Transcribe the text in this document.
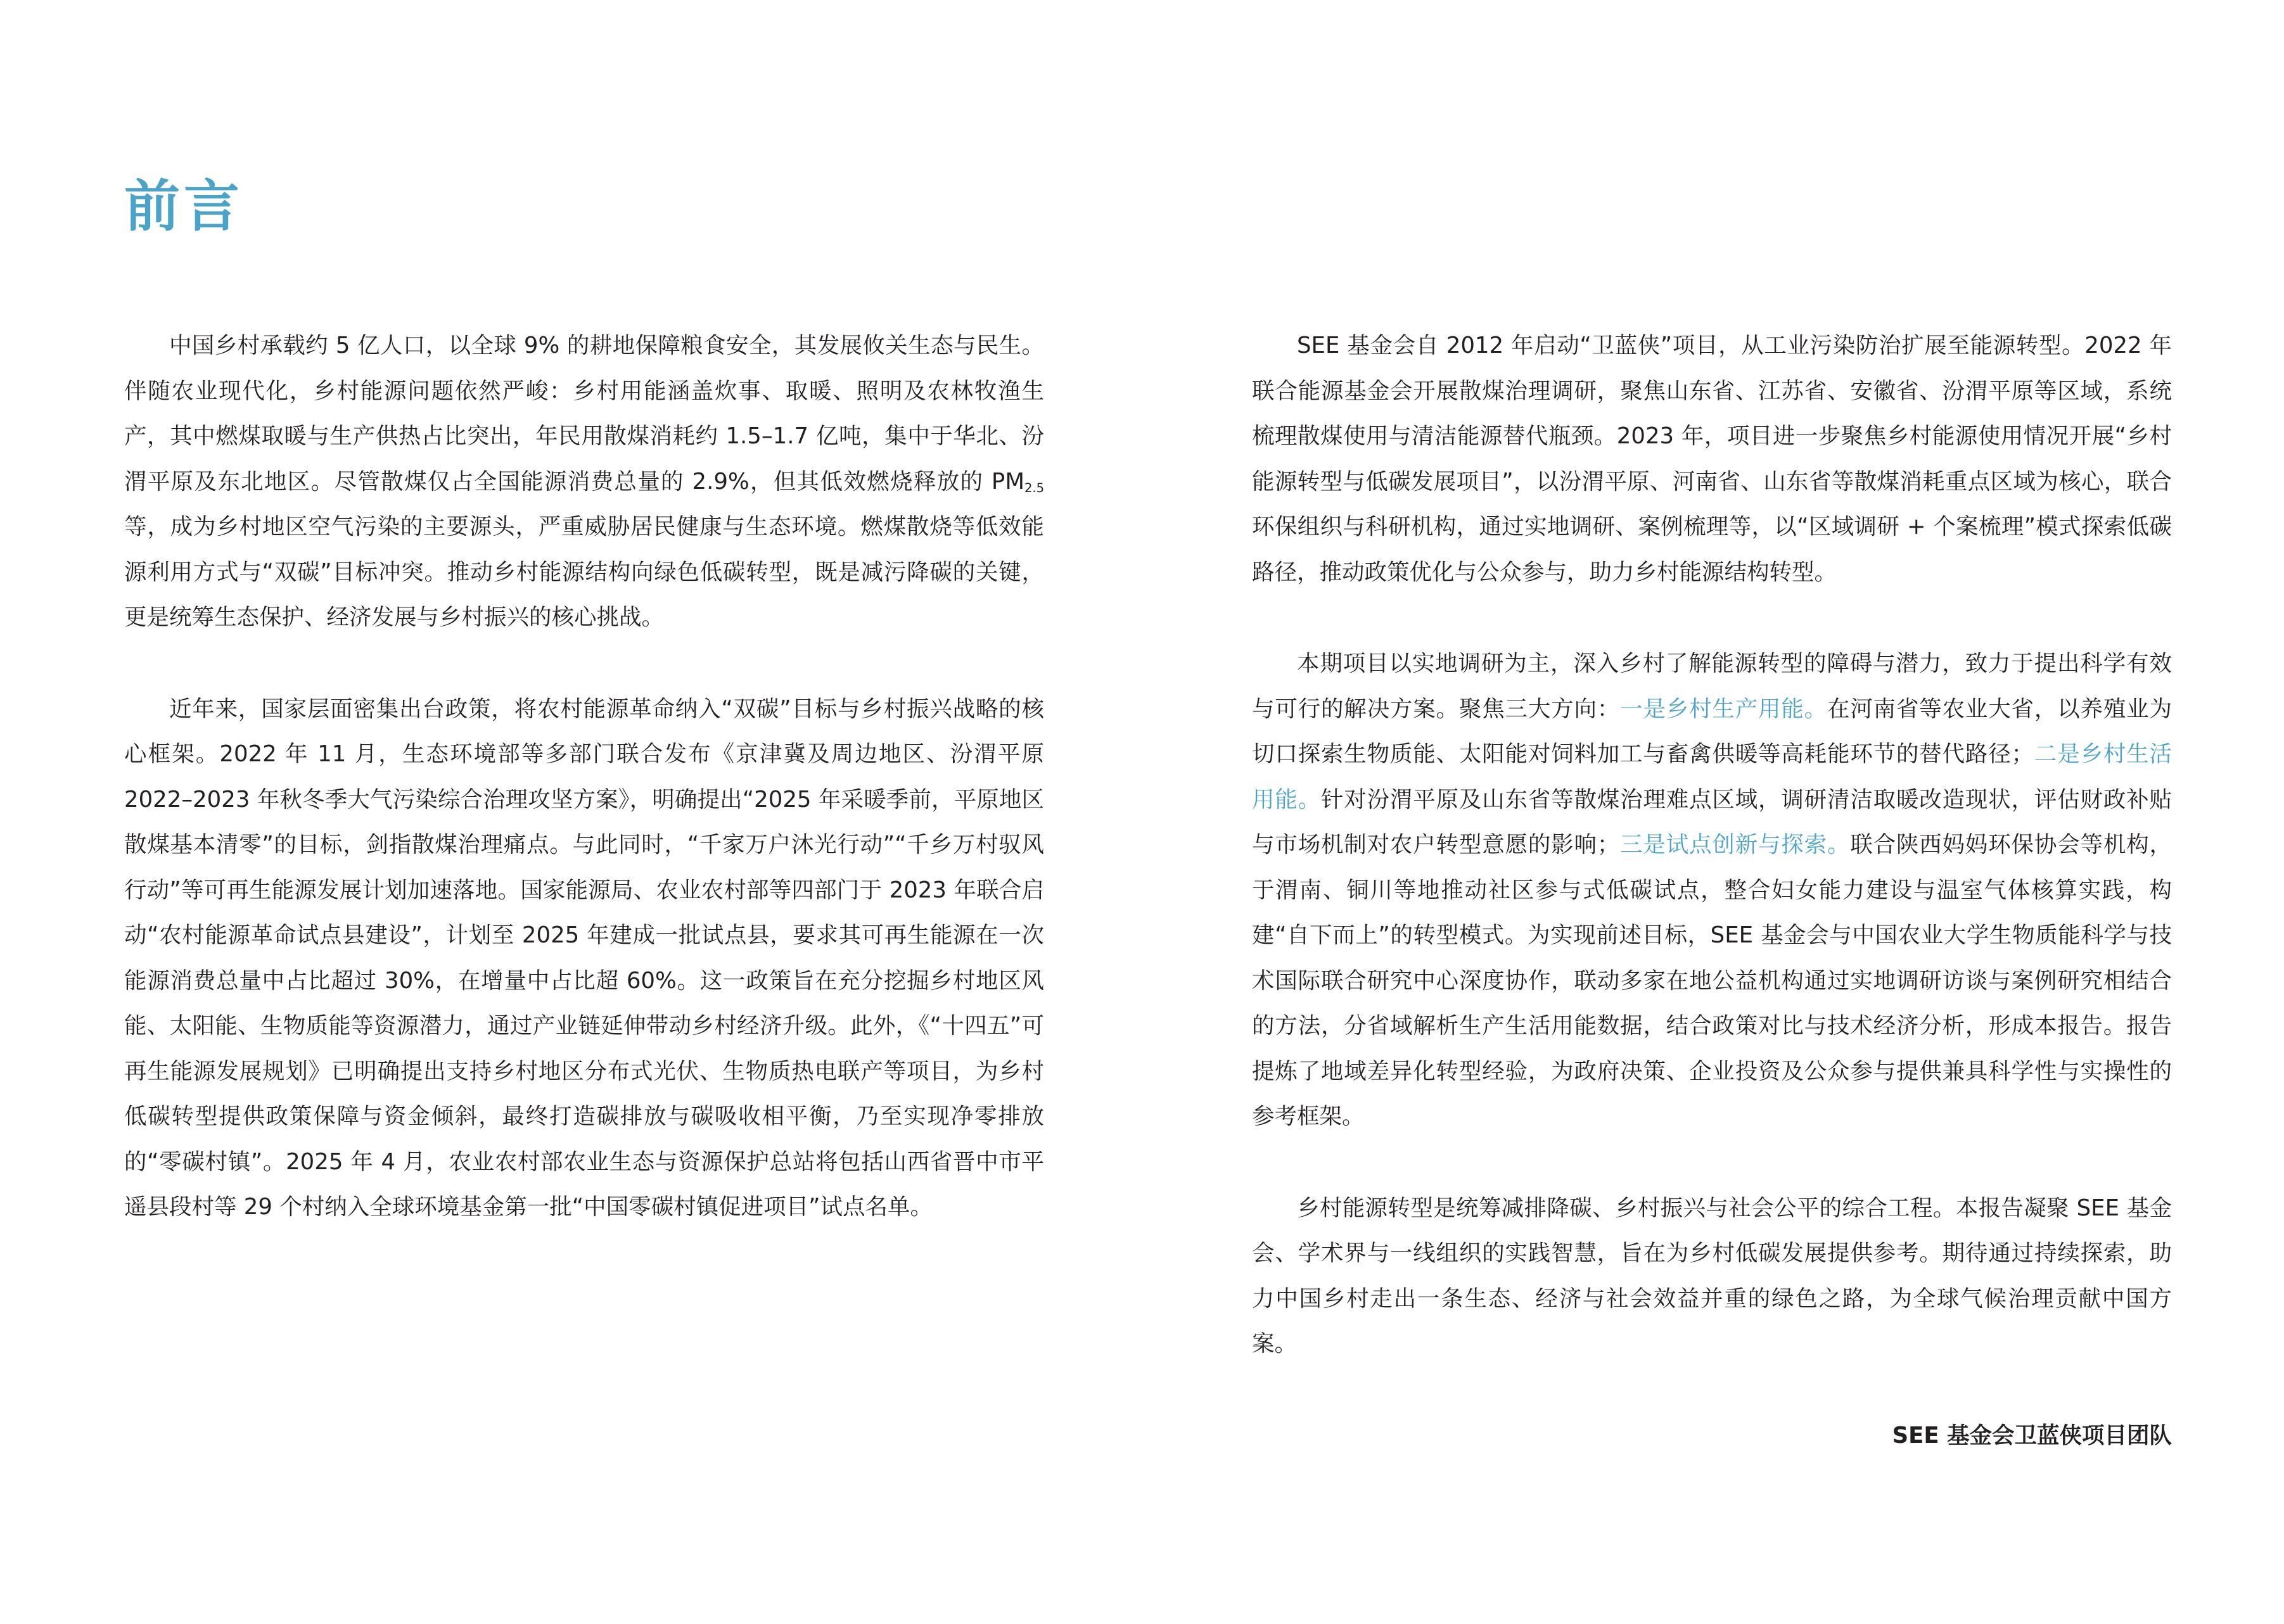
前言

中国乡村承载约 5 亿人口，以全球 9% 的耕地保障粮食安全，其发展攸关生态与民生。伴随农业现代化，乡村能源问题依然严峻：乡村用能涵盖炊事、取暖、照明及农林牧渔生产，其中燃煤取暖与生产供热占比突出，年民用散煤消耗约 1.5–1.7 亿吨，集中于华北、汾渭平原及东北地区。尽管散煤仅占全国能源消费总量的 2.9%，但其低效燃烧释放的 $PM_{2.5}$ 等，成为乡村地区空气污染的主要源头，严重威胁居民健康与生态环境。燃煤散烧等低效能源利用方式与“双碳”目标冲突。推动乡村能源结构向绿色低碳转型，既是减污降碳的关键，更是统筹生态保护、经济发展与乡村振兴的核心挑战。

近年来，国家层面密集出台政策，将农村能源革命纳入“双碳”目标与乡村振兴战略的核心框架。2022 年 11 月，生态环境部等多部门联合发布《京津冀及周边地区、汾渭平原 2022–2023 年秋冬季大气污染综合治理攻坚方案》，明确提出“2025 年采暖季前，平原地区散煤基本清零”的目标，剑指散煤治理痛点。与此同时，“千家万户沐光行动”“千乡万村驭风行动”等可再生能源发展计划加速落地。国家能源局、农业农村部等四部门于 2023 年联合启动“农村能源革命试点县建设”，计划至 2025 年建成一批试点县，要求其可再生能源在一次能源消费总量中占比超过 30%，在增量中占比超 60%。这一政策旨在充分挖掘乡村地区风能、太阳能、生物质能等资源潜力，通过产业链延伸带动乡村经济升级。此外，《“十四五”可再生能源发展规划》已明确提出支持乡村地区分布式光伏、生物质热电联产等项目，为乡村低碳转型提供政策保障与资金倾斜，最终打造碳排放与碳吸收相平衡，乃至实现净零排放的“零碳村镇”。2025 年 4 月，农业农村部农业生态与资源保护总站将包括山西省晋中市平遥县段村等 29 个村纳入全球环境基金第一批“中国零碳村镇促进项目”试点名单。

SEE 基金会自 2012 年启动“卫蓝侠”项目，从工业污染防治扩展至能源转型。2022 年联合能源基金会开展散煤治理调研，聚焦山东省、江苏省、安徽省、汾渭平原等区域，系统梳理散煤使用与清洁能源替代瓶颈。2023 年，项目进一步聚焦乡村能源使用情况开展“乡村能源转型与低碳发展项目”，以汾渭平原、河南省、山东省等散煤消耗重点区域为核心，联合环保组织与科研机构，通过实地调研、案例梳理等，以“区域调研 + 个案梳理”模式探索低碳路径，推动政策优化与公众参与，助力乡村能源结构转型。

本期项目以实地调研为主，深入乡村了解能源转型的障碍与潜力，致力于提出科学有效与可行的解决方案。聚焦三大方向：一是乡村生产用能。在河南省等农业大省，以养殖业为切口探索生物质能、太阳能对饲料加工与畜禽供暖等高耗能环节的替代路径；二是乡村生活用能。针对汾渭平原及山东省等散煤治理难点区域，调研清洁取暖改造现状，评估财政补贴与市场机制对农户转型意愿的影响；三是试点创新与探索。联合陕西妈妈环保协会等机构，于渭南、铜川等地推动社区参与式低碳试点，整合妇女能力建设与温室气体核算实践，构建“自下而上”的转型模式。为实现前述目标，SEE 基金会与中国农业大学生物质能科学与技术国际联合研究中心深度协作，联动多家在地公益机构通过实地调研访谈与案例研究相结合的方法，分省域解析生产生活用能数据，结合政策对比与技术经济分析，形成本报告。报告提炼了地域差异化转型经验，为政府决策、企业投资及公众参与提供兼具科学性与实操性的参考框架。

乡村能源转型是统筹减排降碳、乡村振兴与社会公平的综合工程。本报告凝聚 SEE 基金会、学术界与一线组织的实践智慧，旨在为乡村低碳发展提供参考。期待通过持续探索，助力中国乡村走出一条生态、经济与社会效益并重的绿色之路，为全球气候治理贡献中国方案。

SEE 基金会卫蓝侠项目团队
